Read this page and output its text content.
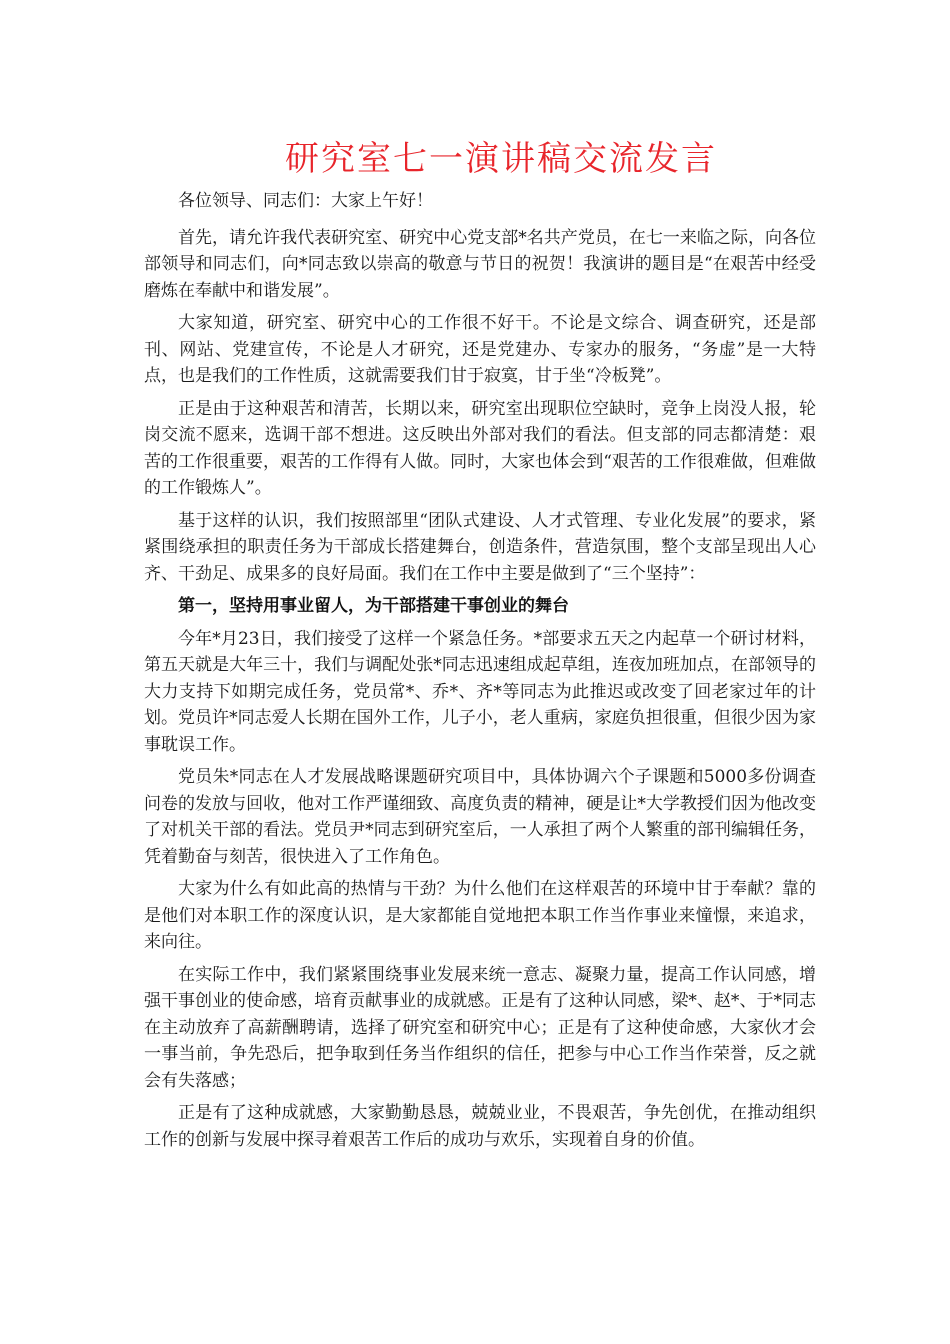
研究室七一演讲稿交流发言

各位领导、同志们：大家上午好！

首先，请允许我代表研究室、研究中心党支部*名共产党员，在七一来临之际，向各位部领导和同志们，向*同志致以崇高的敬意与节日的祝贺！我演讲的题目是“在艰苦中经受磨炼在奉献中和谐发展”。

大家知道，研究室、研究中心的工作很不好干。不论是文综合、调查研究，还是部刊、网站、党建宣传，不论是人才研究，还是党建办、专家办的服务，“务虚”是一大特点，也是我们的工作性质，这就需要我们甘于寂寞，甘于坐“冷板凳”。

正是由于这种艰苦和清苦，长期以来，研究室出现职位空缺时，竞争上岗没人报，轮岗交流不愿来，选调干部不想进。这反映出外部对我们的看法。但支部的同志都清楚：艰苦的工作很重要，艰苦的工作得有人做。同时，大家也体会到“艰苦的工作很难做，但难做的工作锻炼人”。

基于这样的认识，我们按照部里“团队式建设、人才式管理、专业化发展”的要求，紧紧围绕承担的职责任务为干部成长搭建舞台，创造条件，营造氛围，整个支部呈现出人心齐、干劲足、成果多的良好局面。我们在工作中主要是做到了“三个坚持”：

第一，坚持用事业留人，为干部搭建干事创业的舞台

今年*月23日，我们接受了这样一个紧急任务。*部要求五天之内起草一个研讨材料，第五天就是大年三十，我们与调配处张*同志迅速组成起草组，连夜加班加点，在部领导的大力支持下如期完成任务，党员常*、乔*、齐*等同志为此推迟或改变了回老家过年的计划。党员许*同志爱人长期在国外工作，儿子小，老人重病，家庭负担很重，但很少因为家事耽误工作。

党员朱*同志在人才发展战略课题研究项目中，具体协调六个子课题和5000多份调查问卷的发放与回收，他对工作严谨细致、高度负责的精神，硬是让*大学教授们因为他改变了对机关干部的看法。党员尹*同志到研究室后，一人承担了两个人繁重的部刊编辑任务，凭着勤奋与刻苦，很快进入了工作角色。

大家为什么有如此高的热情与干劲？为什么他们在这样艰苦的环境中甘于奉献？靠的是他们对本职工作的深度认识，是大家都能自觉地把本职工作当作事业来憧憬，来追求，来向往。

在实际工作中，我们紧紧围绕事业发展来统一意志、凝聚力量，提高工作认同感，增强干事创业的使命感，培育贡献事业的成就感。正是有了这种认同感，梁*、赵*、于*同志在主动放弃了高薪酬聘请，选择了研究室和研究中心；正是有了这种使命感，大家伙才会一事当前，争先恐后，把争取到任务当作组织的信任，把参与中心工作当作荣誉，反之就会有失落感；

正是有了这种成就感，大家勤勤恳恳，兢兢业业，不畏艰苦，争先创优，在推动组织工作的创新与发展中探寻着艰苦工作后的成功与欢乐，实现着自身的价值。
